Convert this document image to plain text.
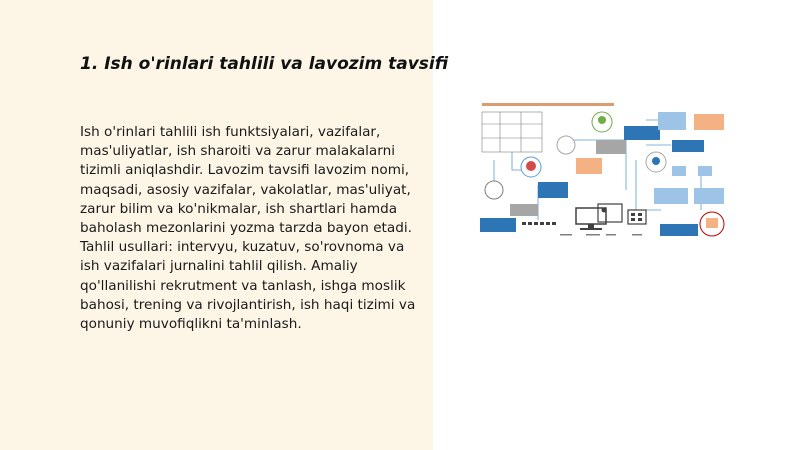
1. Ish o'rinlari tahlili va lavozim tavsifi

Ish o'rinlari tahlili ish funktsiyalari, vazifalar, mas'uliyatlar, ish sharoiti va zarur malakalarni tizimli aniqlashdir. Lavozim tavsifi lavozim nomi, maqsadi, asosiy vazifalar, vakolatlar, mas'uliyat, zarur bilim va ko'nikmalar, ish shartlari hamda baholash mezonlarini yozma tarzda bayon etadi. Tahlil usullari: intervyu, kuzatuv, so'rovnoma va ish vazifalari jurnalini tahlil qilish. Amaliy qo'llanilishi rekrutment va tanlash, ishga moslik bahosi, trening va rivojlantirish, ish haqi tizimi va qonuniy muvofiqlikni ta'minlash.
